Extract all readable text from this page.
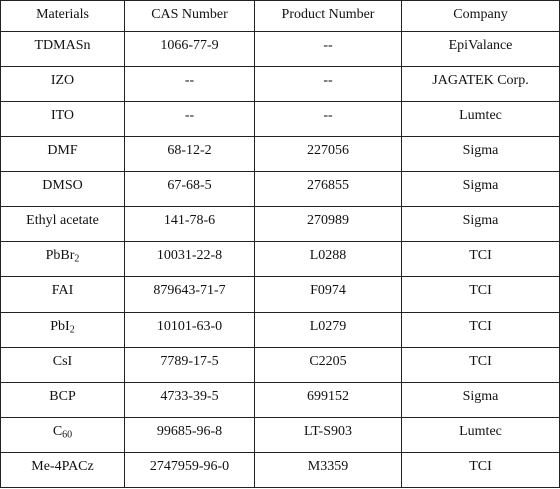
Materials	CAS Number	Product Number	Company
TDMASn	1066-77-9	--	EpiValance
IZO	--	--	JAGATEK Corp.
ITO	--	--	Lumtec
DMF	68-12-2	227056	Sigma
DMSO	67-68-5	276855	Sigma
Ethyl acetate	141-78-6	270989	Sigma
PbBr$_2$	10031-22-8	L0288	TCI
FAI	879643-71-7	F0974	TCI
PbI$_2$	10101-63-0	L0279	TCI
CsI	7789-17-5	C2205	TCI
BCP	4733-39-5	699152	Sigma
$C_{60}$	99685-96-8	LT-S903	Lumtec
Me-4PACz	2747959-96-0	M3359	TCI
